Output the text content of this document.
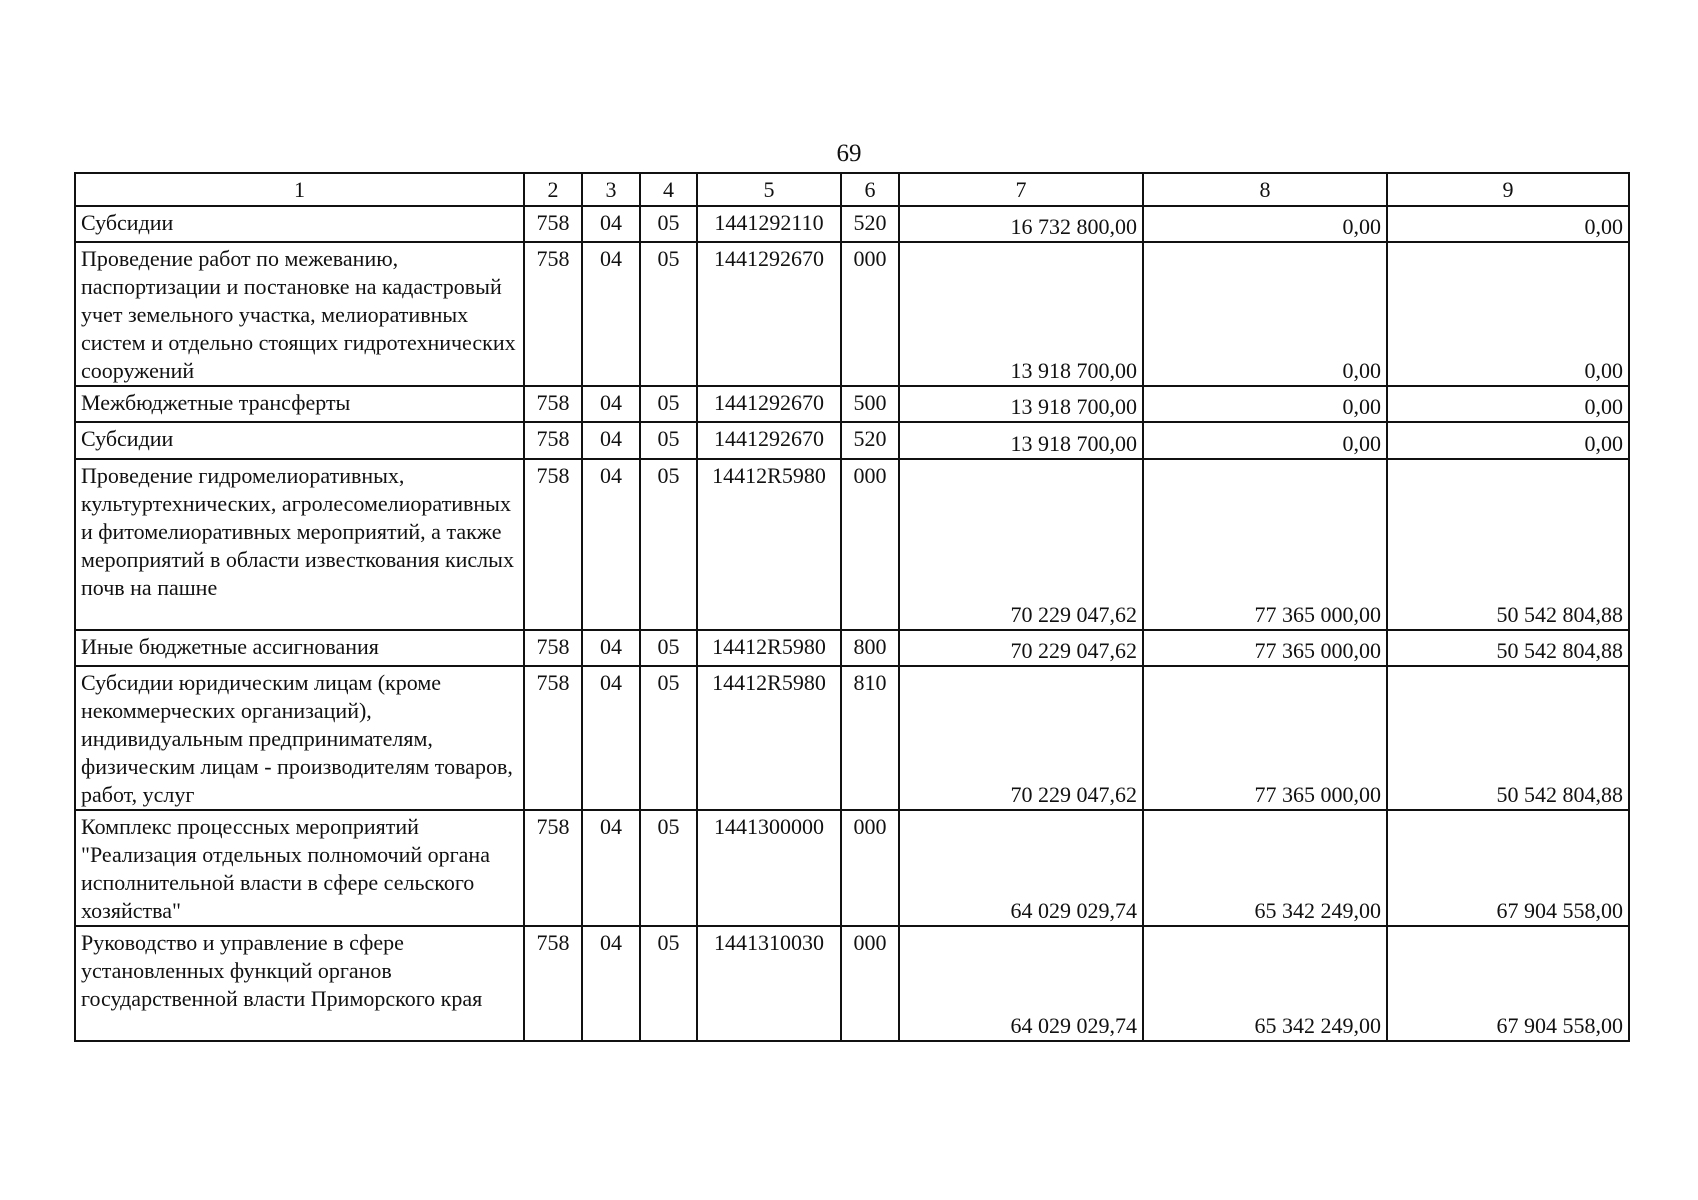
69
1	2	3	4	5	6	7	8	9
Субсидии	758	04	05	1441292110	520	16 732 800,00	0,00	0,00
Проведение работ по межеванию, паспортизации и постановке на кадастровый учет земельного участка, мелиоративных систем и отдельно стоящих гидротехнических сооружений	758	04	05	1441292670	000	13 918 700,00	0,00	0,00
Межбюджетные трансферты	758	04	05	1441292670	500	13 918 700,00	0,00	0,00
Субсидии	758	04	05	1441292670	520	13 918 700,00	0,00	0,00
Проведение гидромелиоративных, культуртехнических, агролесомелиоративных и фитомелиоративных мероприятий, а также мероприятий в области известкования кислых почв на пашне	758	04	05	14412R5980	000	70 229 047,62	77 365 000,00	50 542 804,88
Иные бюджетные ассигнования	758	04	05	14412R5980	800	70 229 047,62	77 365 000,00	50 542 804,88
Субсидии юридическим лицам (кроме некоммерческих организаций), индивидуальным предпринимателям, физическим лицам - производителям товаров, работ, услуг	758	04	05	14412R5980	810	70 229 047,62	77 365 000,00	50 542 804,88
Комплекс процессных мероприятий "Реализация отдельных полномочий органа исполнительной власти в сфере сельского хозяйства"	758	04	05	1441300000	000	64 029 029,74	65 342 249,00	67 904 558,00
Руководство и управление в сфере установленных функций органов государственной власти Приморского края	758	04	05	1441310030	000	64 029 029,74	65 342 249,00	67 904 558,00
